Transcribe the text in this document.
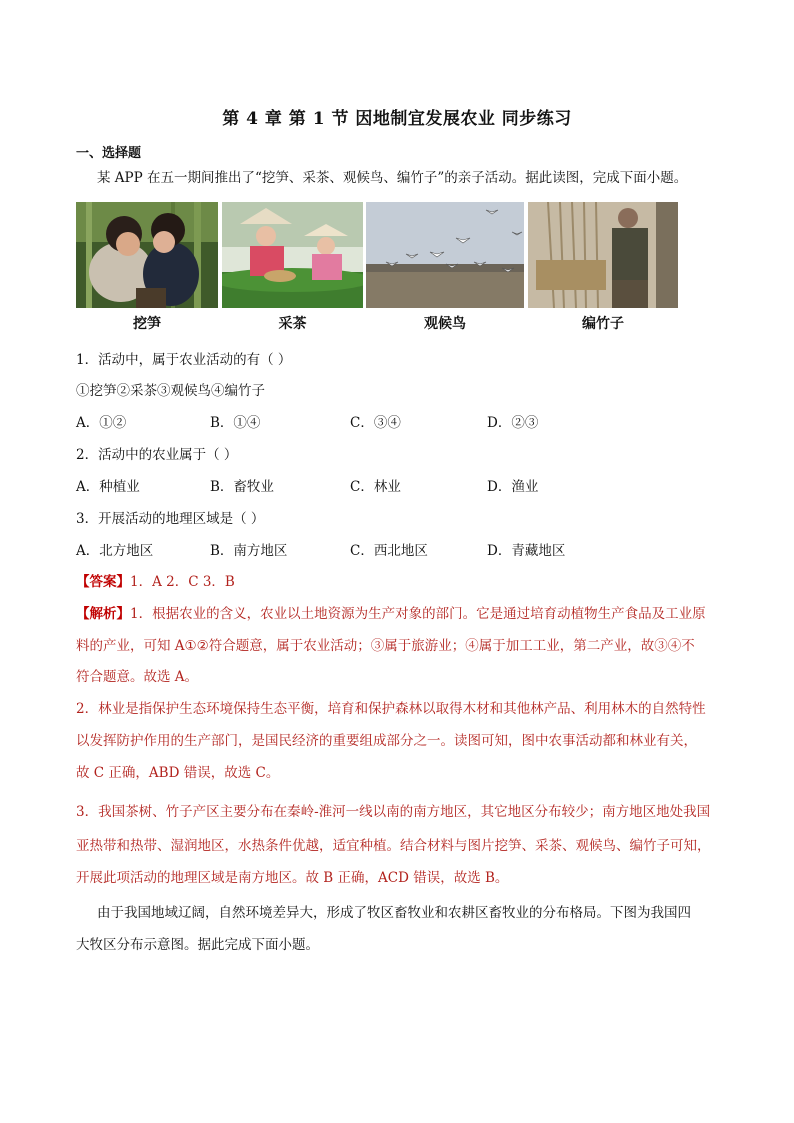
第 4 章 第 1 节 因地制宜发展农业 同步练习
一、选择题
某 APP 在五一期间推出了“挖笋、采茶、观候鸟、编竹子”的亲子活动。据此读图，完成下面小题。
挖笋	采茶	观候鸟	编竹子
1．活动中，属于农业活动的有（ ）
①挖笋②采茶③观候鸟④编竹子
A．①②	B．①④	C．③④	D．②③
2．活动中的农业属于（ ）
A．种植业	B．畜牧业	C．林业	D．渔业
3．开展活动的地理区域是（ ）
A．北方地区	B．南方地区	C．西北地区	D．青藏地区
【答案】1．A 2．C 3．B
【解析】1．根据农业的含义，农业以土地资源为生产对象的部门。它是通过培育动植物生产食品及工业原
料的产业，可知 A①②符合题意，属于农业活动；③属于旅游业；④属于加工工业，第二产业，故③④不
符合题意。故选 A。
2．林业是指保护生态环境保持生态平衡，培育和保护森林以取得木材和其他林产品、利用林木的自然特性
以发挥防护作用的生产部门，是国民经济的重要组成部分之一。读图可知，图中农事活动都和林业有关，
故 C 正确，ABD 错误，故选 C。
3．我国茶树、竹子产区主要分布在秦岭-淮河一线以南的南方地区，其它地区分布较少；南方地区地处我国
亚热带和热带、湿润地区，水热条件优越，适宜种植。结合材料与图片挖笋、采茶、观候鸟、编竹子可知，
开展此项活动的地理区域是南方地区。故 B 正确，ACD 错误，故选 B。
由于我国地域辽阔，自然环境差异大，形成了牧区畜牧业和农耕区畜牧业的分布格局。下图为我国四
大牧区分布示意图。据此完成下面小题。
